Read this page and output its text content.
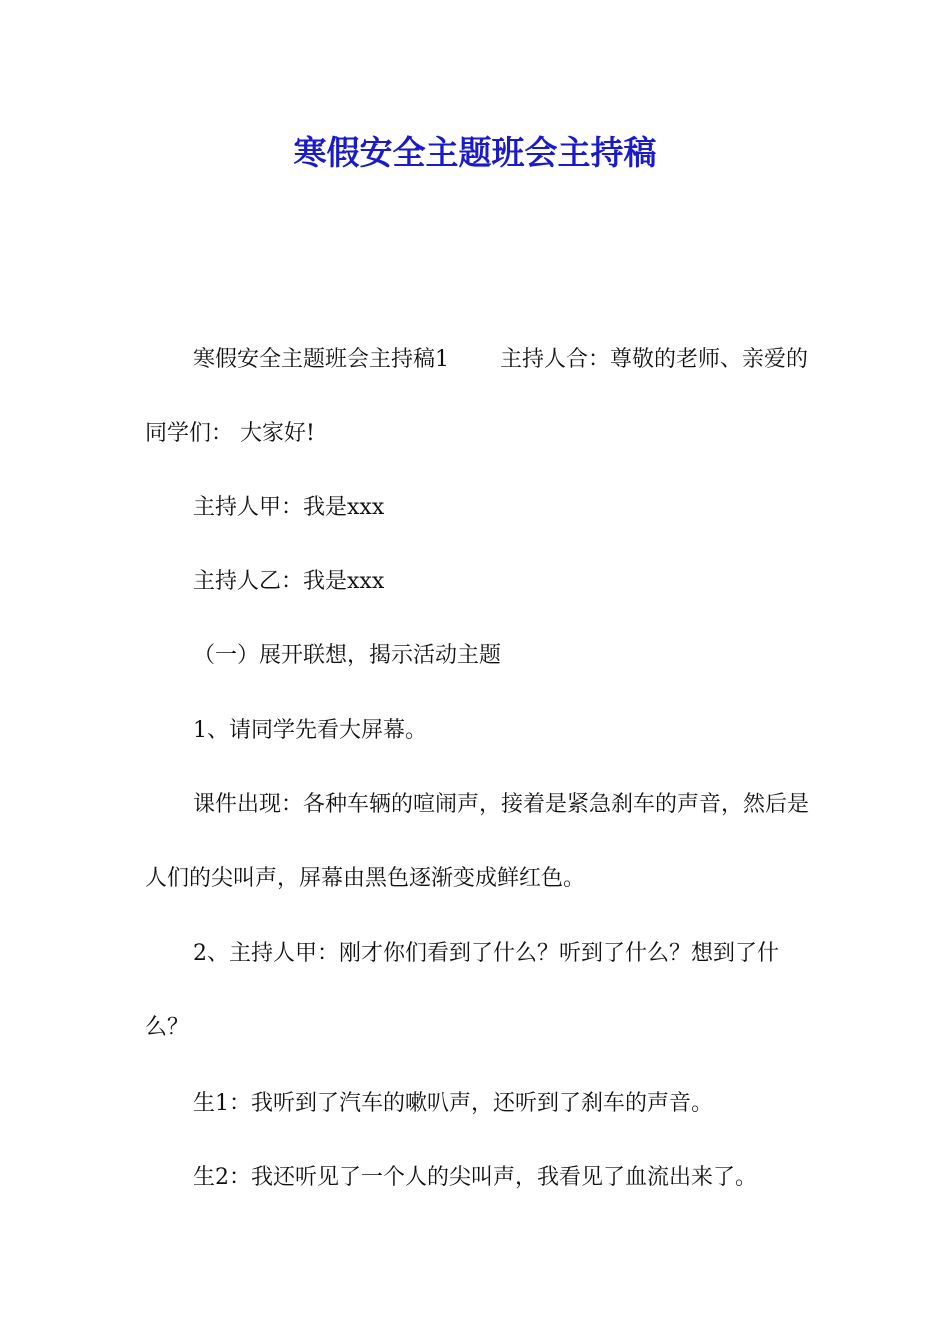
寒假安全主题班会主持稿

寒假安全主题班会主持稿1 　　主持人合：尊敬的老师、亲爱的同学们： 大家好!

主持人甲：我是xxx

主持人乙：我是xxx

（一）展开联想，揭示活动主题

1、请同学先看大屏幕。

课件出现：各种车辆的喧闹声，接着是紧急刹车的声音，然后是人们的尖叫声，屏幕由黑色逐渐变成鲜红色。

2、主持人甲：刚才你们看到了什么？听到了什么？想到了什么？

生1：我听到了汽车的嗽叭声，还听到了刹车的声音。

生2：我还听见了一个人的尖叫声，我看见了血流出来了。
